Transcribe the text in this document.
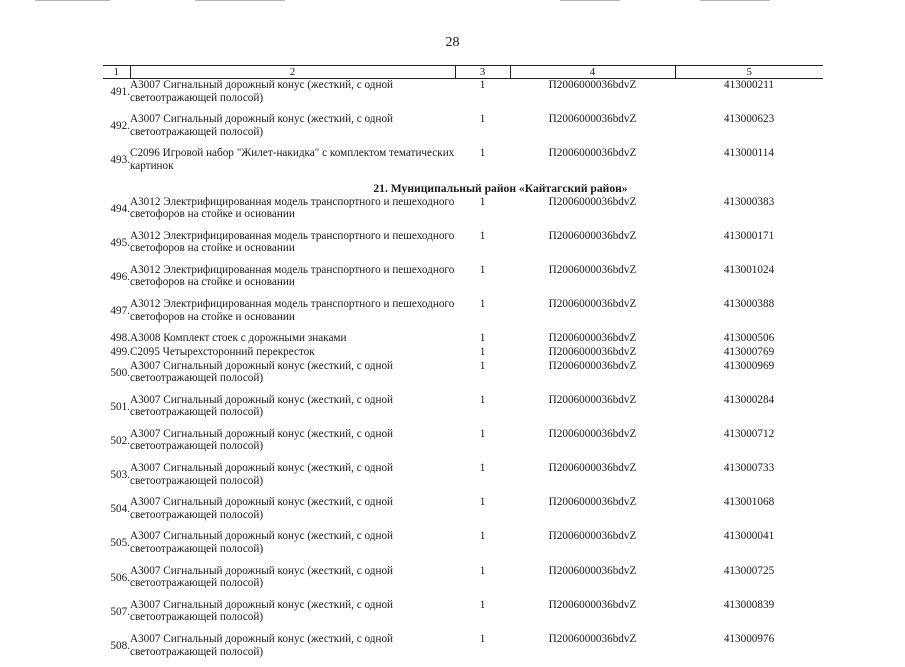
28
1	2	3	4	5
491.	А3007 Сигнальный дорожный конус (жесткий, с одной светоотражающей полосой)	1	П2006000036bdvZ	413000211
492.	А3007 Сигнальный дорожный конус (жесткий, с одной светоотражающей полосой)	1	П2006000036bdvZ	413000623
493.	С2096 Игровой набор "Жилет-накидка" с комплектом тематических картинок	1	П2006000036bdvZ	413000114
21. Муниципальный район «Кайтагский район»				
494.	А3012 Электрифицированная модель транспортного и пешеходного светофоров на стойке и основании	1	П2006000036bdvZ	413000383
495.	А3012 Электрифицированная модель транспортного и пешеходного светофоров на стойке и основании	1	П2006000036bdvZ	413000171
496.	А3012 Электрифицированная модель транспортного и пешеходного светофоров на стойке и основании	1	П2006000036bdvZ	413001024
497.	А3012 Электрифицированная модель транспортного и пешеходного светофоров на стойке и основании	1	П2006000036bdvZ	413000388
498.	А3008 Комплект стоек с дорожными знаками	1	П2006000036bdvZ	413000506
499.	С2095 Четырехсторонний перекресток	1	П2006000036bdvZ	413000769
500.	А3007 Сигнальный дорожный конус (жесткий, с одной светоотражающей полосой)	1	П2006000036bdvZ	413000969
501.	А3007 Сигнальный дорожный конус (жесткий, с одной светоотражающей полосой)	1	П2006000036bdvZ	413000284
502.	А3007 Сигнальный дорожный конус (жесткий, с одной светоотражающей полосой)	1	П2006000036bdvZ	413000712
503.	А3007 Сигнальный дорожный конус (жесткий, с одной светоотражающей полосой)	1	П2006000036bdvZ	413000733
504.	А3007 Сигнальный дорожный конус (жесткий, с одной светоотражающей полосой)	1	П2006000036bdvZ	413001068
505.	А3007 Сигнальный дорожный конус (жесткий, с одной светоотражающей полосой)	1	П2006000036bdvZ	413000041
506.	А3007 Сигнальный дорожный конус (жесткий, с одной светоотражающей полосой)	1	П2006000036bdvZ	413000725
507.	А3007 Сигнальный дорожный конус (жесткий, с одной светоотражающей полосой)	1	П2006000036bdvZ	413000839
508.	А3007 Сигнальный дорожный конус (жесткий, с одной светоотражающей полосой)	1	П2006000036bdvZ	413000976
